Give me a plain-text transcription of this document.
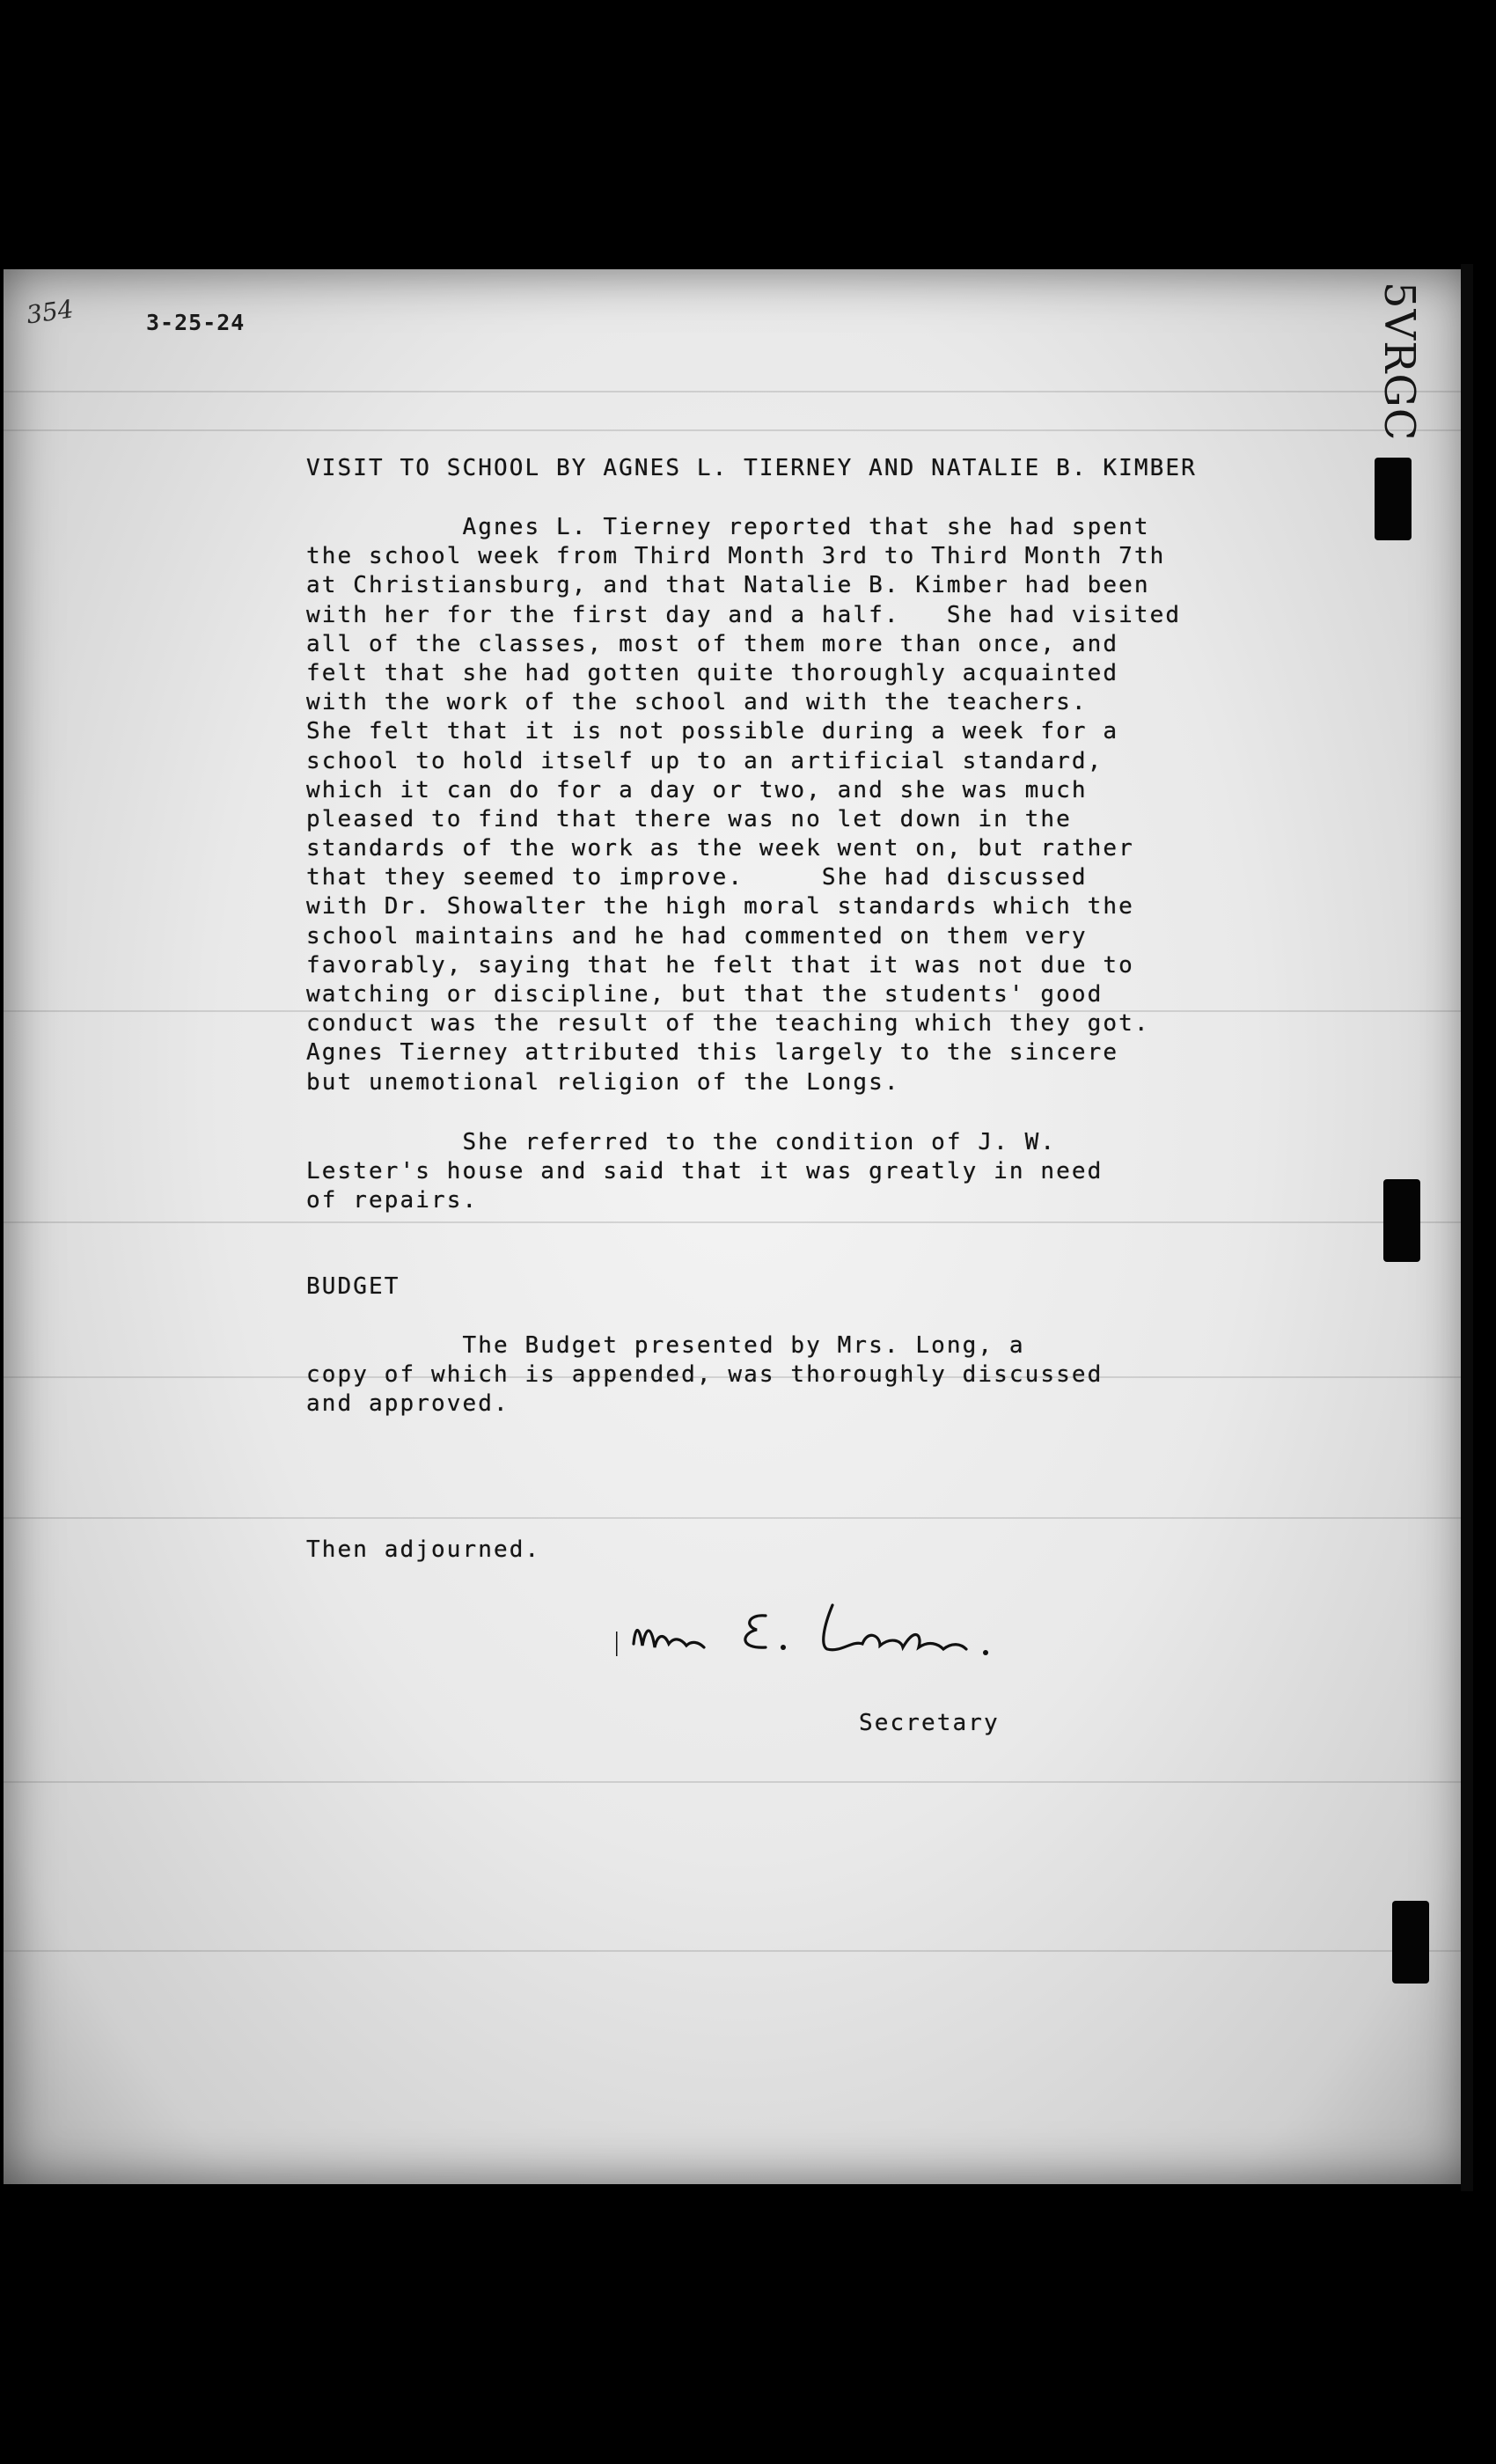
354	3-25-24	5VRGC
VISIT TO SCHOOL BY AGNES L. TIERNEY AND NATALIE B. KIMBER
Agnes L. Tierney reported that she had spent
the school week from Third Month 3rd to Third Month 7th
at Christiansburg, and that Natalie B. Kimber had been
with her for the first day and a half.   She had visited
all of the classes, most of them more than once, and
felt that she had gotten quite thoroughly acquainted
with the work of the school and with the teachers.
She felt that it is not possible during a week for a
school to hold itself up to an artificial standard,
which it can do for a day or two, and she was much
pleased to find that there was no let down in the
standards of the work as the week went on, but rather
that they seemed to improve.     She had discussed
with Dr. Showalter the high moral standards which the
school maintains and he had commented on them very
favorably, saying that he felt that it was not due to
watching or discipline, but that the students' good
conduct was the result of the teaching which they got.
Agnes Tierney attributed this largely to the sincere
but unemotional religion of the Longs.
She referred to the condition of J. W.
Lester's house and said that it was greatly in need
of repairs.
BUDGET
The Budget presented by Mrs. Long, a
copy of which is appended, was thoroughly discussed
and approved.
Then adjourned.
Secretary
